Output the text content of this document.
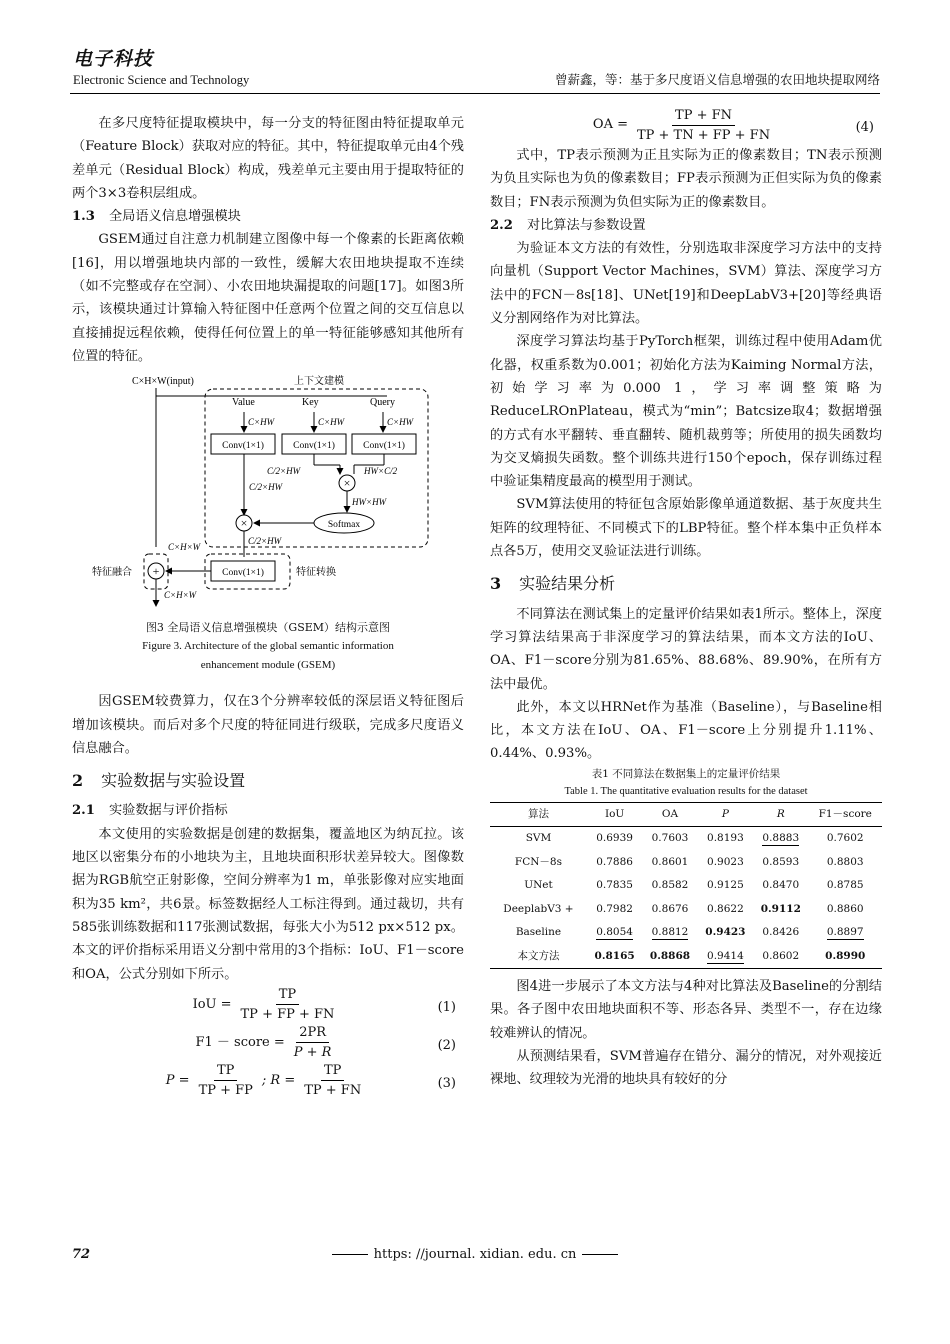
电子科技
Electronic Science and Technology	曾薪鑫，等：基于多尺度语义信息增强的农田地块提取网络

在多尺度特征提取模块中，每一分支的特征图由特征提取单元（Feature Block）获取对应的特征。其中，特征提取单元由4个残差单元（Residual Block）构成，残差单元主要由用于提取特征的两个3×3卷积层组成。

1.3 全局语义信息增强模块

GSEM通过自注意力机制建立图像中每一个像素的长距离依赖[16]，用以增强地块内部的一致性，缓解大农田地块提取不连续（如不完整或存在空洞）、小农田地块漏提取的问题[17]。如图3所示，该模块通过计算输入特征图中任意两个位置之间的交互信息以直接捕捉远程依赖，使得任何位置上的单一特征能够感知其他所有位置的特征。

C×H×W(input)	上下文建模
Value	Key	Query
C×HW	C×HW	C×HW
Conv(1×1)	Conv(1×1)	Conv(1×1)
C/2×HW	HW×C/2
×
HW×HW
Softmax
C/2×HW
×
C/2×HW
Conv(1×1)	特征转换
+
C×H×W
特征融合
C×H×W
图3 全局语义信息增强模块（GSEM）结构示意图
Figure 3. Architecture of the global semantic information
enhancement module (GSEM)

因GSEM较费算力，仅在3个分辨率较低的深层语义特征图后增加该模块。而后对多个尺度的特征同进行级联，完成多尺度语义信息融合。

2 实验数据与实验设置
2.1 实验数据与评价指标

本文使用的实验数据是创建的数据集，覆盖地区为纳瓦拉。该地区以密集分布的小地块为主，且地块面积形状差异较大。图像数据为RGB航空正射影像，空间分辨率为1 m，单张影像对应实地面积为35 km²，共6景。标签数据经人工标注得到。通过裁切，共有585张训练数据和117张测试数据，每张大小为512 px×512 px。本文的评价指标采用语义分割中常用的3个指标：IoU、F1－score和OA，公式分别如下所示。

IoU = $\frac{TP}{TP + FP + FN}$	(1)
F1 － score = $\frac{2PR}{P + R}$	(2)
$P = \frac{TP}{TP + FP}$ ; $R = \frac{TP}{TP + FN}$	(3)
OA = $\frac{TP + FN}{TP + TN + FP + FN}$	(4)

式中，TP表示预测为正且实际为正的像素数目；TN表示预测为负且实际也为负的像素数目；FP表示预测为正但实际为负的像素数目；FN表示预测为负但实际为正的像素数目。

2.2 对比算法与参数设置

为验证本文方法的有效性，分别选取非深度学习方法中的支持向量机（Support Vector Machines，SVM）算法、深度学习方法中的FCN－8s[18]、UNet[19]和DeepLabV3+[20]等经典语义分割网络作为对比算法。

深度学习算法均基于PyTorch框架，训练过程中使用Adam优化器，权重系数为0.001；初始化方法为Kaiming Normal方法，初始学习率为0.000 1，学习率调整策略为ReduceLROnPlateau，模式为“min”；Batcsize取4；数据增强的方式有水平翻转、垂直翻转、随机裁剪等；所使用的损失函数均为交叉熵损失函数。整个训练共进行150个epoch，保存训练过程中验证集精度最高的模型用于测试。

SVM算法使用的特征包含原始影像单通道数据、基于灰度共生矩阵的纹理特征、不同模式下的LBP特征。整个样本集中正负样本点各5万，使用交叉验证法进行训练。

3 实验结果分析

不同算法在测试集上的定量评价结果如表1所示。整体上，深度学习算法结果高于非深度学习的算法结果，而本文方法的IoU、OA、F1－score分别为81.65%、88.68%、89.90%，在所有方法中最优。

此外，本文以HRNet作为基准（Baseline），与Baseline相比，本文方法在IoU、OA、F1－score上分别提升1.11%、0.44%、0.93%。

表1 不同算法在数据集上的定量评价结果
Table 1. The quantitative evaluation results for the dataset
算法	IoU	OA	P	R	F1－score
SVM	0.6939	0.7603	0.8193	0.8883	0.7602
FCN－8s	0.7886	0.8601	0.9023	0.8593	0.8803
UNet	0.7835	0.8582	0.9125	0.8470	0.8785
DeeplabV3 +	0.7982	0.8676	0.8622	0.9112	0.8860
Baseline	0.8054	0.8812	0.9423	0.8426	0.8897
本文方法	0.8165	0.8868	0.9414	0.8602	0.8990

图4进一步展示了本文方法与4种对比算法及Baseline的分割结果。各子图中农田地块面积不等、形态各异、类型不一，存在边缘较难辨认的情况。

从预测结果看，SVM普遍存在错分、漏分的情况，对外观接近裸地、纹理较为光滑的地块具有较好的分

72	https: //journal. xidian. edu. cn
